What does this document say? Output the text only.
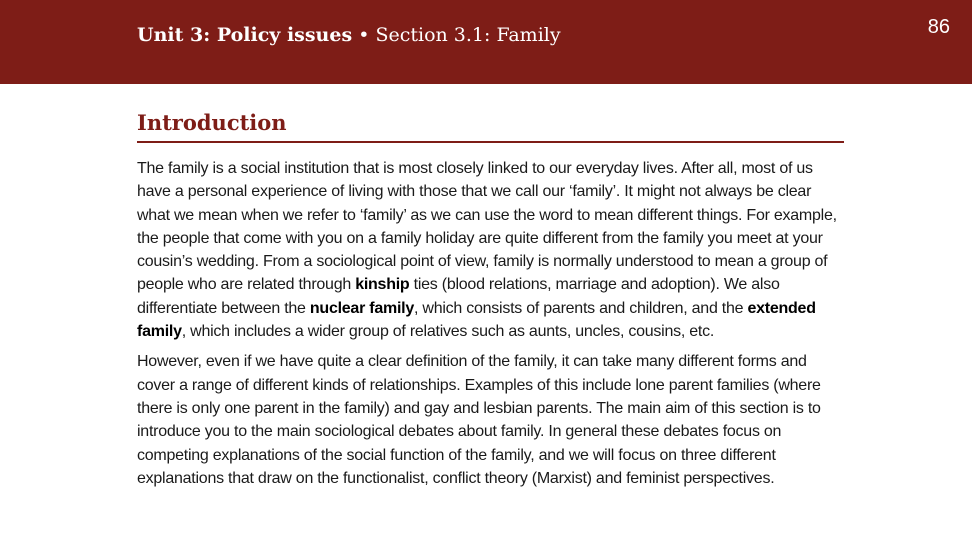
Unit 3: Policy issues • Section 3.1: Family	86
Introduction

The family is a social institution that is most closely linked to our everyday lives. After all, most of us have a personal experience of living with those that we call our ‘family’. It might not always be clear what we mean when we refer to ‘family’ as we can use the word to mean different things. For example, the people that come with you on a family holiday are quite different from the family you meet at your cousin’s wedding. From a sociological point of view, family is normally understood to mean a group of people who are related through kinship ties (blood relations, marriage and adoption). We also differentiate between the nuclear family, which consists of parents and children, and the extended family, which includes a wider group of relatives such as aunts, uncles, cousins, etc.

However, even if we have quite a clear definition of the family, it can take many different forms and cover a range of different kinds of relationships. Examples of this include lone parent families (where there is only one parent in the family) and gay and lesbian parents. The main aim of this section is to introduce you to the main sociological debates about family. In general these debates focus on competing explanations of the social function of the family, and we will focus on three different explanations that draw on the functionalist, conflict theory (Marxist) and feminist perspectives.
